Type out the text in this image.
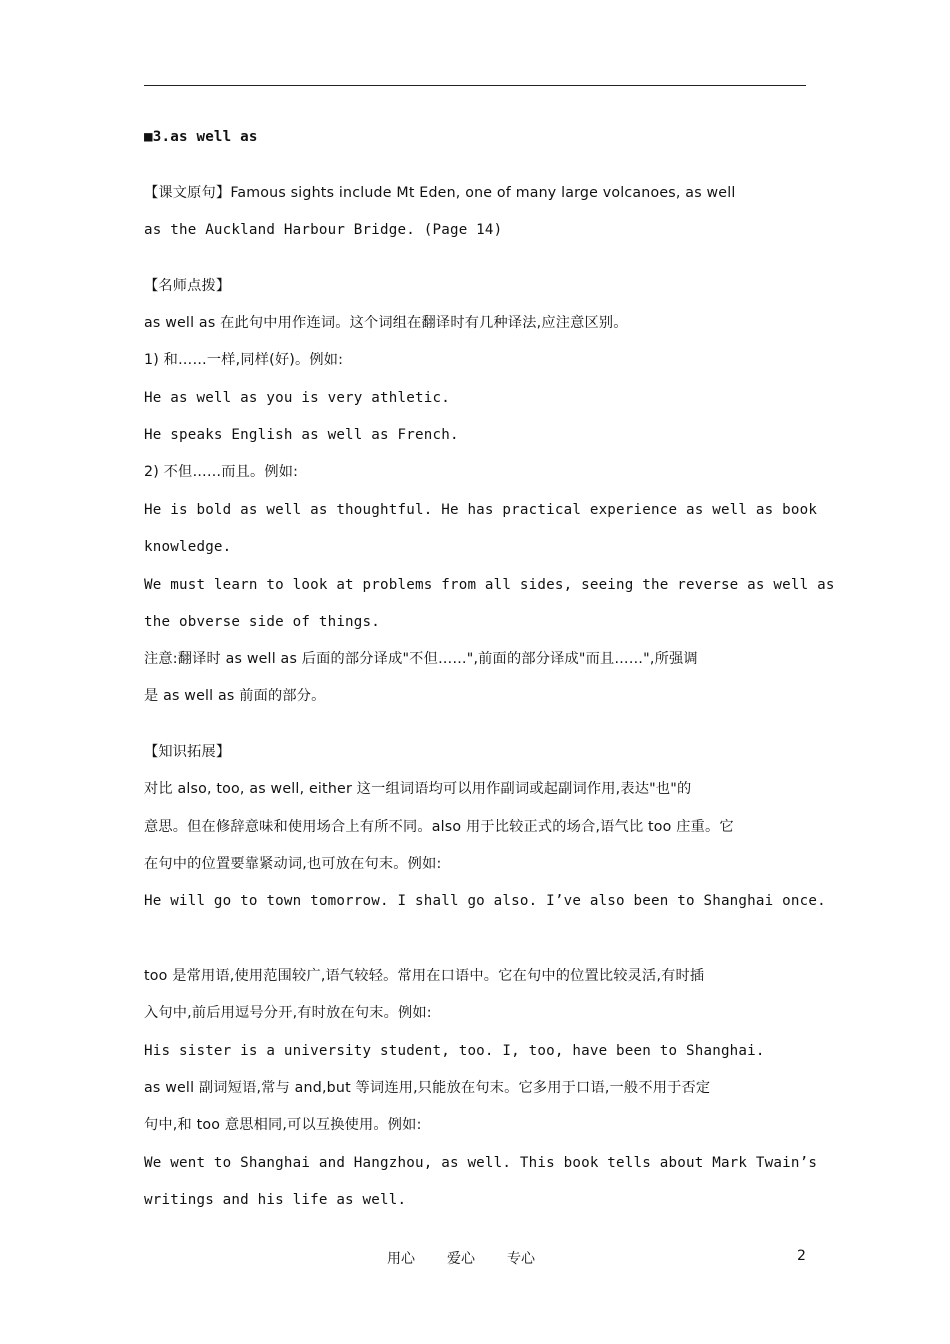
■3.as well as
【课文原句】Famous sights include Mt Eden, one of many large volcanoes, as well
as the Auckland Harbour Bridge. (Page 14)
【名师点拨】
as well as 在此句中用作连词。这个词组在翻译时有几种译法,应注意区别。
1) 和……一样,同样(好)。例如:
He as well as you is very athletic.
He speaks English as well as French.
2) 不但……而且。例如:
He is bold as well as thoughtful. He has practical experience as well as book
knowledge.
We must learn to look at problems from all sides, seeing the reverse as well as
the obverse side of things.
注意:翻译时 as well as 后面的部分译成"不但……",前面的部分译成"而且……",所强调
是 as well as 前面的部分。
【知识拓展】
对比 also, too, as well, either 这一组词语均可以用作副词或起副词作用,表达"也"的
意思。但在修辞意味和使用场合上有所不同。also 用于比较正式的场合,语气比 too 庄重。它
在句中的位置要靠紧动词,也可放在句末。例如:
He will go to town tomorrow. I shall go also. I’ve also been to Shanghai once.
too 是常用语,使用范围较广,语气较轻。常用在口语中。它在句中的位置比较灵活,有时插
入句中,前后用逗号分开,有时放在句末。例如:
His sister is a university student, too. I, too, have been to Shanghai.
as well 副词短语,常与 and,but 等词连用,只能放在句末。它多用于口语,一般不用于否定
句中,和 too 意思相同,可以互换使用。例如:
We went to Shanghai and Hangzhou, as well. This book tells about Mark Twain’s
writings and his life as well.
用心 爱心 专心	2
